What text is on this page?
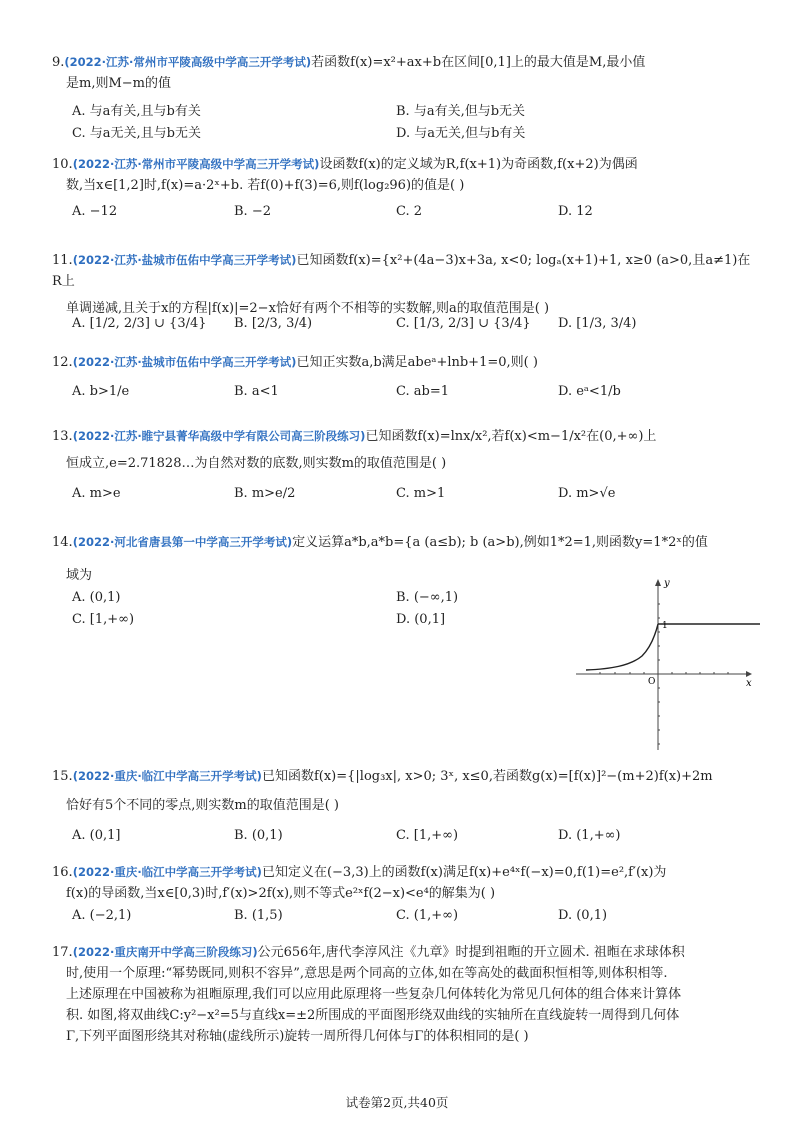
9.(2022·江苏·常州市平陵高级中学高三开学考试)若函数f(x)=x²+ax+b在区间[0,1]上的最大值是M,最小值
是m,则M−m的值
A. 与a有关,且与b有关	B. 与a有关,但与b无关
C. 与a无关,且与b无关	D. 与a无关,但与b有关
10.(2022·江苏·常州市平陵高级中学高三开学考试)设函数f(x)的定义域为R,f(x+1)为奇函数,f(x+2)为偶函
数,当x∈[1,2]时,f(x)=a·2ˣ+b. 若f(0)+f(3)=6,则f(log₂96)的值是( )
A. −12	B. −2	C. 2	D. 12
11.(2022·江苏·盐城市伍佑中学高三开学考试)已知函数f(x)={x²+(4a−3)x+3a, x<0; logₐ(x+1)+1, x≥0 (a>0,且a≠1)在R上
单调递减,且关于x的方程|f(x)|=2−x恰好有两个不相等的实数解,则a的取值范围是( )
A. [1/2, 2/3] ∪ {3/4} B. [2/3, 3/4)	C. [1/3, 2/3] ∪ {3/4} D. [1/3, 3/4)
12.(2022·江苏·盐城市伍佑中学高三开学考试)已知正实数a,b满足abeᵃ+lnb+1=0,则( )
A. b>1/e	B. a<1	C. ab=1	D. eᵃ<1/b
13.(2022·江苏·睢宁县菁华高级中学有限公司高三阶段练习)已知函数f(x)=lnx/x²,若f(x)<m−1/x²在(0,+∞)上
恒成立,e=2.71828…为自然对数的底数,则实数m的取值范围是( )
A. m>e	B. m>e/2	C. m>1	D. m>√e
14.(2022·河北省唐县第一中学高三开学考试)定义运算a*b,a*b={a (a≤b); b (a>b),例如1*2=1,则函数y=1*2ˣ的值
域为
A. (0,1)	B. (−∞,1)
C. [1,+∞)	D. (0,1]
x
y
O
1
15.(2022·重庆·临江中学高三开学考试)已知函数f(x)={|log₃x|, x>0; 3ˣ, x≤0,若函数g(x)=[f(x)]²−(m+2)f(x)+2m
恰好有5个不同的零点,则实数m的取值范围是( )
A. (0,1]	B. (0,1)	C. [1,+∞)	D. (1,+∞)
16.(2022·重庆·临江中学高三开学考试)已知定义在(−3,3)上的函数f(x)满足f(x)+e⁴ˣf(−x)=0,f(1)=e²,f′(x)为
f(x)的导函数,当x∈[0,3)时,f′(x)>2f(x),则不等式e²ˣf(2−x)<e⁴的解集为( )
A. (−2,1)	B. (1,5)	C. (1,+∞)	D. (0,1)
17.(2022·重庆南开中学高三阶段练习)公元656年,唐代李淳风注《九章》时提到祖暅的开立圆术. 祖暅在求球体积
时,使用一个原理:“幂势既同,则积不容异”,意思是两个同高的立体,如在等高处的截面积恒相等,则体积相等.
上述原理在中国被称为祖暅原理,我们可以应用此原理将一些复杂几何体转化为常见几何体的组合体来计算体
积. 如图,将双曲线C:y²−x²=5与直线x=±2所围成的平面图形绕双曲线的实轴所在直线旋转一周得到几何体
Γ,下列平面图形绕其对称轴(虚线所示)旋转一周所得几何体与Γ的体积相同的是( )
试卷第2页,共40页
